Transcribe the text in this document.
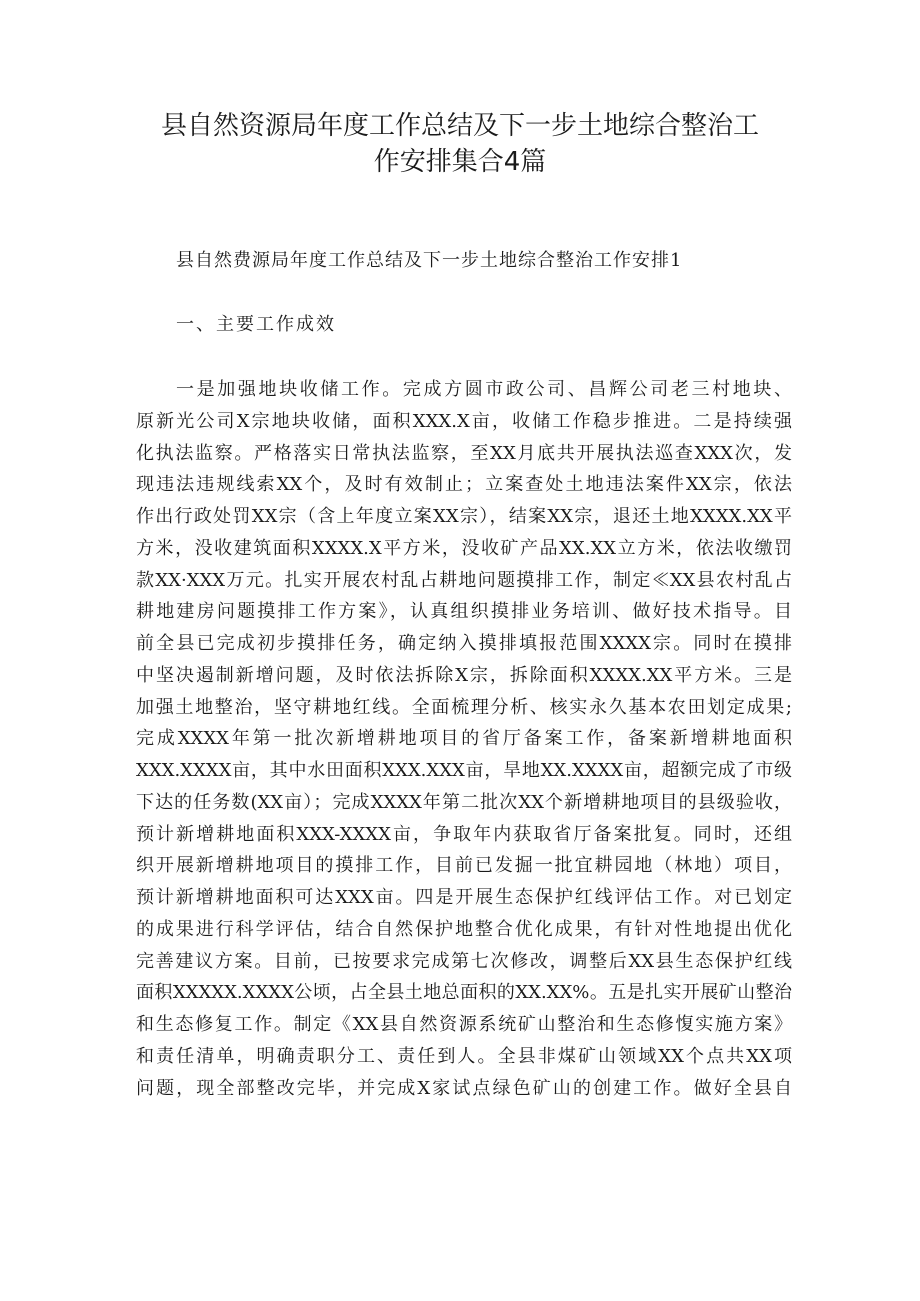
县自然资源局年度工作总结及下一步土地综合整治工
作安排集合4篇

县自然费源局年度工作总结及下一步土地综合整治工作安排1

一、主要工作成效

一是加强地块收储工作。完成方圆市政公司、昌辉公司老三村地块、
原新光公司X宗地块收储，面积XXX.X亩，收储工作稳步推进。二是持续强
化执法监察。严格落实日常执法监察，至XX月底共开展执法巡查XXX次，发
现违法违规线索XX个，及时有效制止；立案查处土地违法案件XX宗，依法
作出行政处罚XX宗（含上年度立案XX宗），结案XX宗，退还土地XXXX.XX平
方米，没收建筑面积XXXX.X平方米，没收矿产品XX.XX立方米，依法收缴罚
款XX·XXX万元。扎实开展农村乱占耕地问题摸排工作，制定≪XX县农村乱占
耕地建房问题摸排工作方案》，认真组织摸排业务培训、做好技术指导。目
前全县已完成初步摸排任务，确定纳入摸排填报范围XXXX宗。同时在摸排
中坚决遏制新增问题，及时依法拆除X宗，拆除面积XXXX.XX平方米。三是
加强土地整治，坚守耕地红线。全面梳理分析、核实永久基本农田划定成果;
完成XXXX年第一批次新增耕地项目的省厅备案工作，备案新增耕地面积
XXX.XXXX亩，其中水田面积XXX.XXX亩，旱地XX.XXXX亩，超额完成了市级
下达的任务数(XX亩）；完成XXXX年第二批次XX个新增耕地项目的县级验收，
预计新增耕地面积XXX-XXXX亩，争取年内获取省厅备案批复。同时，还组
织开展新增耕地项目的摸排工作，目前已发掘一批宜耕园地（林地）项目，
预计新增耕地面积可达XXX亩。四是开展生态保护红线评估工作。对已划定
的成果进行科学评估，结合自然保护地整合优化成果，有针对性地提出优化
完善建议方案。目前，已按要求完成第七次修改，调整后XX县生态保护红线
面积XXXXX.XXXX公顷，占全县土地总面积的XX.XX%。五是扎实开展矿山整治
和生态修复工作。制定《XX县自然资源系统矿山整治和生态修愎实施方案》
和责任清单，明确责职分工、责任到人。全县非煤矿山领域XX个点共XX项
问题，现全部整改完毕，并完成X家试点绿色矿山的创建工作。做好全县自
